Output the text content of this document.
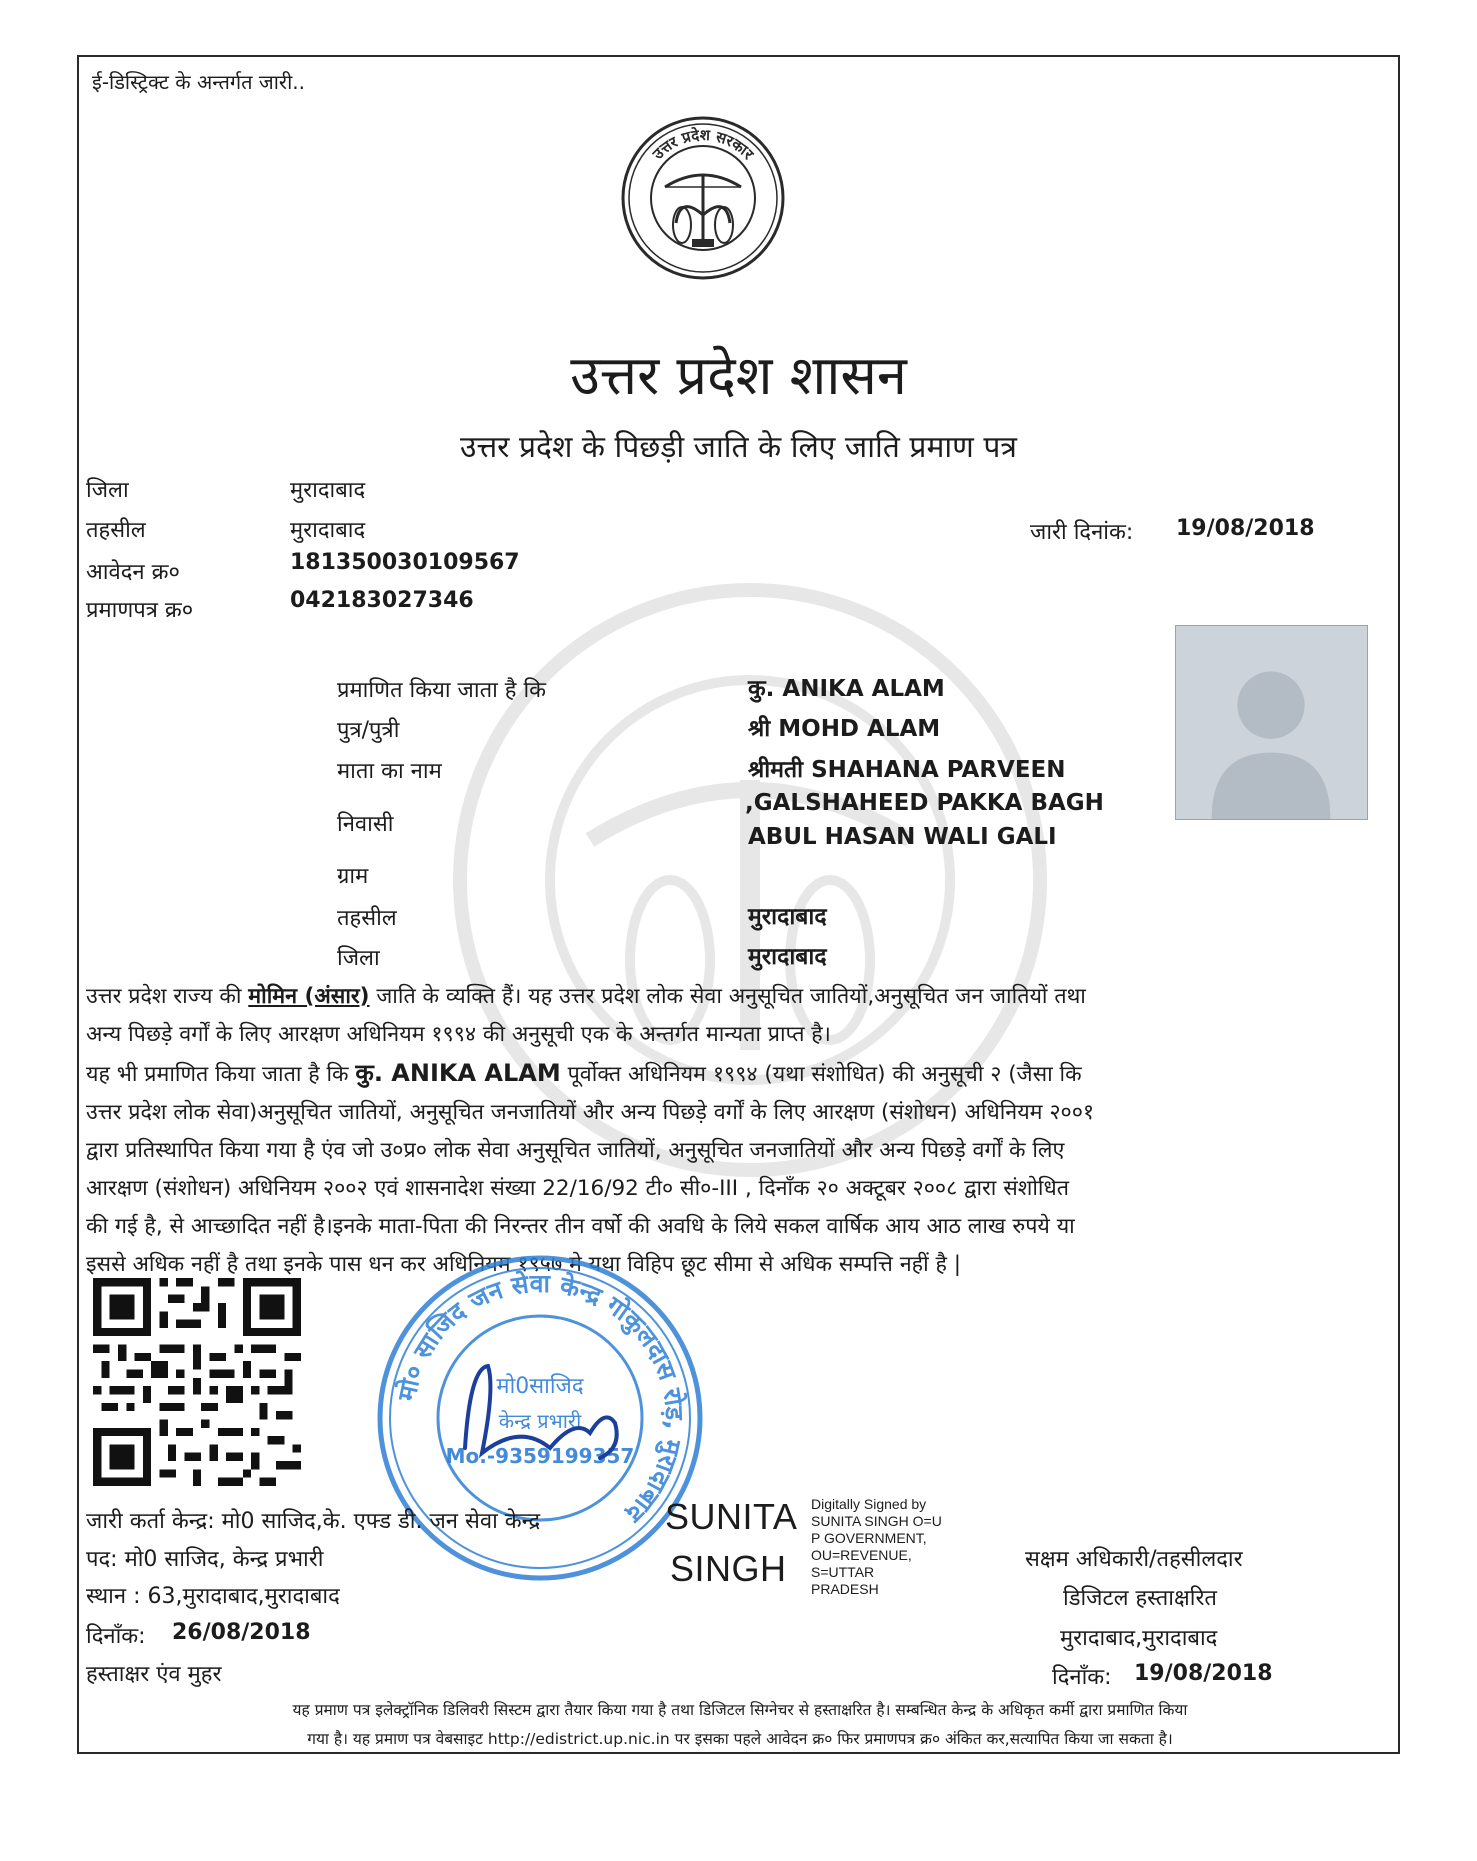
ई-डिस्ट्रिक्ट के अन्तर्गत जारी..
उत्तर प्रदेश सरकार
उत्तर प्रदेश शासन
उत्तर प्रदेश के पिछड़ी जाति के लिए जाति प्रमाण पत्र
जिला	मुरादाबाद
तहसील	मुरादाबाद
आवेदन क्र०	181350030109567
प्रमाणपत्र क्र०	042183027346
जारी दिनांक: 19/08/2018
प्रमाणित किया जाता है कि	कु. ANIKA ALAM
पुत्र/पुत्री	श्री MOHD ALAM
माता का नाम	श्रीमती SHAHANA PARVEEN
निवासी
,GALSHAHEED PAKKA BAGH
ABUL HASAN WALI GALI
ग्राम
तहसील	मुरादाबाद
जिला	मुरादाबाद
उत्तर प्रदेश राज्य की मोमिन (अंसार) जाति के व्यक्ति हैं। यह उत्तर प्रदेश लोक सेवा अनुसूचित जातियों,अनुसूचित जन जातियों तथा
अन्य पिछड़े वर्गों के लिए आरक्षण अधिनियम १९९४ की अनुसूची एक के अन्तर्गत मान्यता प्राप्त है।
यह भी प्रमाणित किया जाता है कि कु. ANIKA ALAM पूर्वोक्त अधिनियम १९९४ (यथा संशोधित) की अनुसूची २ (जैसा कि
उत्तर प्रदेश लोक सेवा)अनुसूचित जातियों, अनुसूचित जनजातियों और अन्य पिछड़े वर्गों के लिए आरक्षण (संशोधन) अधिनियम २००१
द्वारा प्रतिस्थापित किया गया है एंव जो उ०प्र० लोक सेवा अनुसूचित जातियों, अनुसूचित जनजातियों और अन्य पिछड़े वर्गों के लिए
आरक्षण (संशोधन) अधिनियम २००२ एवं शासनादेश संख्या 22/16/92 टी० सी०-III , दिनाँक २० अक्टूबर २००८ द्वारा संशोधित
की गई है, से आच्छादित नहीं है।इनके माता-पिता की निरन्तर तीन वर्षो की अवधि के लिये सकल वार्षिक आय आठ लाख रुपये या
इससे अधिक नहीं है तथा इनके पास धन कर अधिनियम १९५७ मे यथा विहिप छूट सीमा से अधिक सम्पत्ति नहीं है |
मो० साजिद जन सेवा केन्द्र गोकुलदास रोड़, मुरादाबाद
मो0साजिद
केन्द्र प्रभारी
Mo.-9359199357
जारी कर्ता केन्द्र: मो0 साजिद,के. एफ्ड डी. जन सेवा केन्द्र
पद: मो0 साजिद, केन्द्र प्रभारी
स्थान : 63,मुरादाबाद,मुरादाबाद
दिनाँक: 26/08/2018
हस्ताक्षर एंव मुहर
SUNITA
SINGH
Digitally Signed by
SUNITA SINGH O=U
P GOVERNMENT,
OU=REVENUE,
S=UTTAR
PRADESH
सक्षम अधिकारी/तहसीलदार
डिजिटल हस्ताक्षरित
मुरादाबाद,मुरादाबाद
दिनाँक: 19/08/2018
यह प्रमाण पत्र इलेक्ट्रॉनिक डिलिवरी सिस्टम द्वारा तैयार किया गया है तथा डिजिटल सिग्नेचर से हस्ताक्षरित है। सम्बन्धित केन्द्र के अधिकृत कर्मी द्वारा प्रमाणित किया
गया है। यह प्रमाण पत्र वेबसाइट http://edistrict.up.nic.in पर इसका पहले आवेदन क्र० फिर प्रमाणपत्र क्र० अंकित कर,सत्यापित किया जा सकता है।
